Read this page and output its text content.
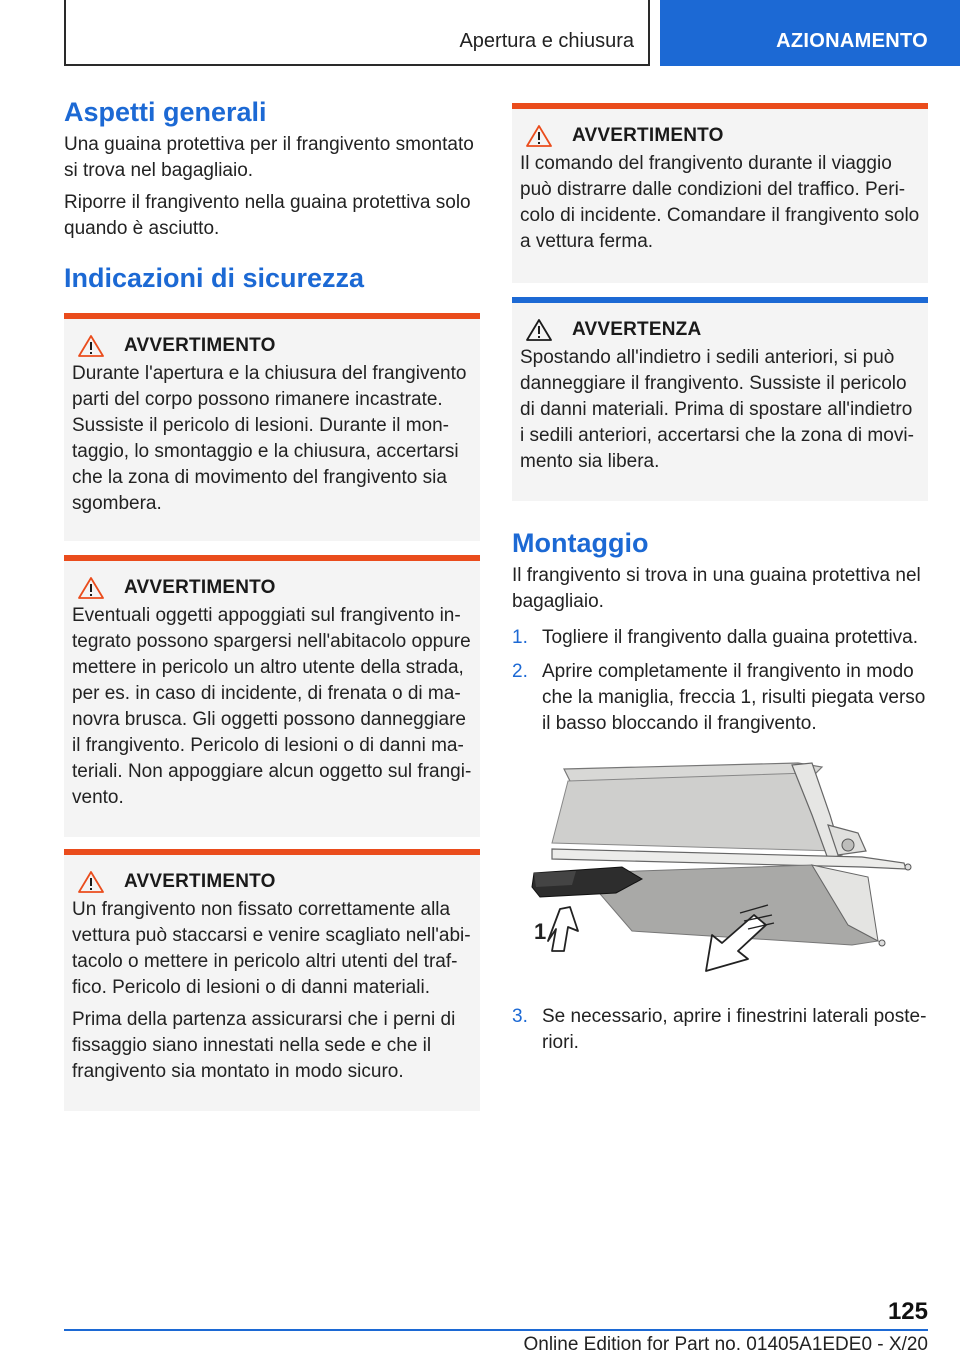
Apertura e chiusura	AZIONAMENTO
Aspetti generali

Una guaina protettiva per il frangivento smontato si trova nel bagagliaio.

Riporre il frangivento nella guaina protettiva solo quando è asciutto.

Indicazioni di sicurezza
AVVERTIMENTO

Durante l'apertura e la chiusura del frangivento parti del corpo possono rimanere incastrate. Sussiste il pericolo di lesioni. Durante il montaggio, lo smontaggio e la chiusura, accertarsi che la zona di movimento del frangivento sia sgombera.

AVVERTIMENTO

Eventuali oggetti appoggiati sul frangivento integrato possono spargersi nell'abitacolo oppure mettere in pericolo un altro utente della strada, per es. in caso di incidente, di frenata o di manovra brusca. Gli oggetti possono danneggiare il frangivento. Pericolo di lesioni o di danni materiali. Non appoggiare alcun oggetto sul frangivento.

AVVERTIMENTO

Un frangivento non fissato correttamente alla vettura può staccarsi e venire scagliato nell'abitacolo o mettere in pericolo altri utenti del traffico. Pericolo di lesioni o di danni materiali.

Prima della partenza assicurarsi che i perni di fissaggio siano innestati nella sede e che il frangivento sia montato in modo sicuro.

AVVERTIMENTO

Il comando del frangivento durante il viaggio può distrarre dalle condizioni del traffico. Pericolo di incidente. Comandare il frangivento solo a vettura ferma.

AVVERTENZA

Spostando all'indietro i sedili anteriori, si può danneggiare il frangivento. Sussiste il pericolo di danni materiali. Prima di spostare all'indietro i sedili anteriori, accertarsi che la zona di movimento sia libera.

Montaggio

Il frangivento si trova in una guaina protettiva nel bagagliaio.

1. Togliere il frangivento dalla guaina protettiva.
2. Aprire completamente il frangivento in modo che la maniglia, freccia 1, risulti piegata verso il basso bloccando il frangivento.
1
3. Se necessario, aprire i finestrini laterali posteriori.
125
Online Edition for Part no. 01405A1EDE0 - X/20
